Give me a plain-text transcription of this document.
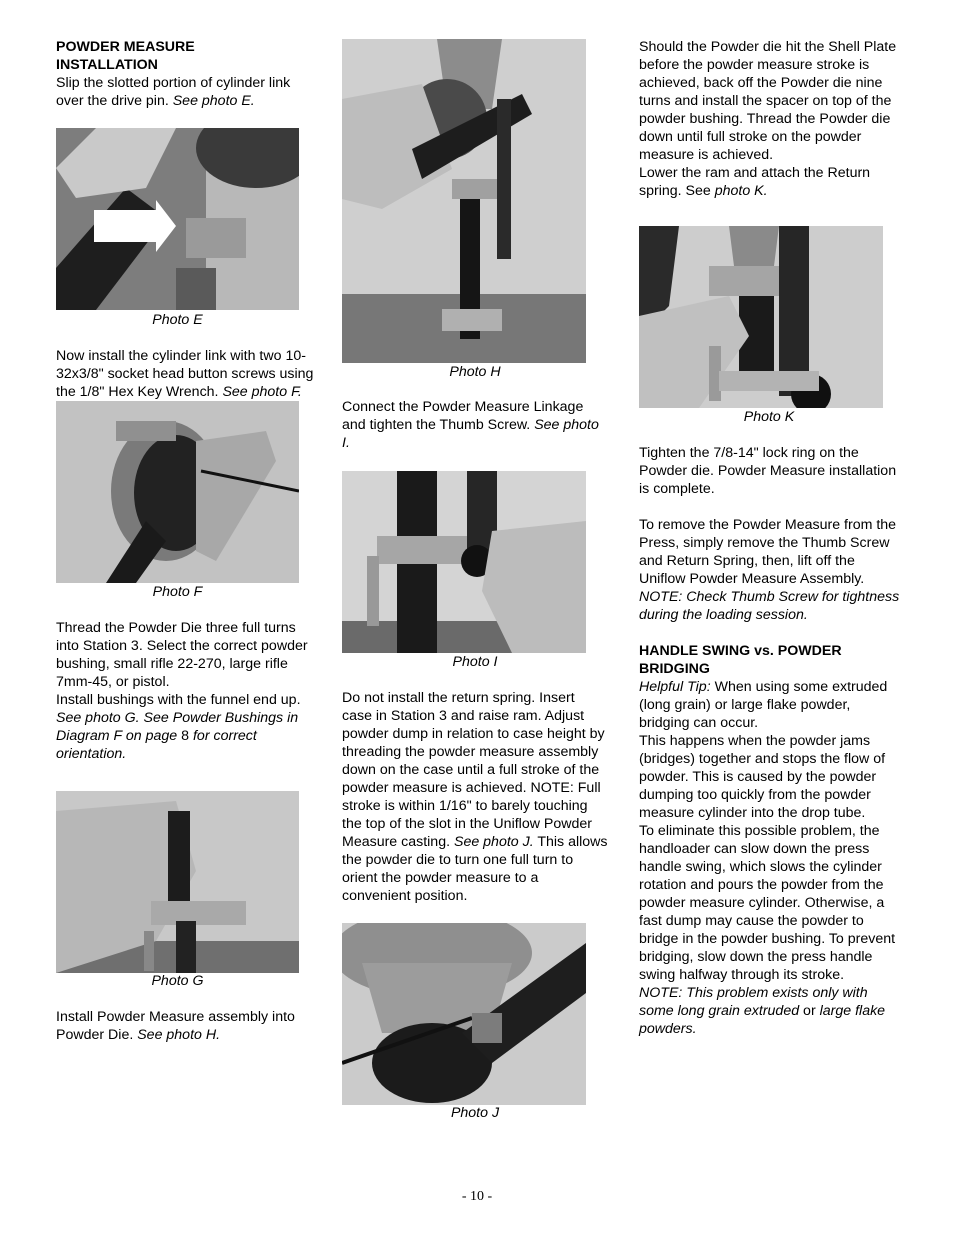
POWDER MEASURE
INSTALLATION

Slip the slotted portion of cylinder link over the drive pin. See photo E.

Photo E

Now install the cylinder link with two 10-32x3/8" socket head button screws using the 1/8" Hex Key Wrench. See photo F.

Photo F

Thread the Powder Die three full turns into Station 3. Select the correct powder bushing, small rifle 22-270, large rifle 7mm-45, or pistol.

Install bushings with the funnel end up. See photo G. See Powder Bushings in Diagram F on page 8 for correct orientation.

Photo G

Install Powder Measure assembly into Powder Die. See photo H.

Photo H

Connect the Powder Measure Linkage and tighten the Thumb Screw. See photo I.

Photo I

Do not install the return spring. Insert case in Station 3 and raise ram. Adjust powder dump in relation to case height by threading the powder measure assembly down on the case until a full stroke of the powder measure is achieved. NOTE: Full stroke is within 1/16" to barely touching the top of the slot in the Uniflow Powder Measure casting. See photo J. This allows the powder die to turn one full turn to orient the powder measure to a convenient position.

Photo J

Should the Powder die hit the Shell Plate before the powder measure stroke is achieved, back off the Powder die nine turns and install the spacer on top of the powder bushing. Thread the Powder die down until full stroke on the powder measure is achieved.

Lower the ram and attach the Return spring. See photo K.

Photo K

Tighten the 7/8-14" lock ring on the Powder die. Powder Measure installation is complete.

To remove the Powder Measure from the Press, simply remove the Thumb Screw and Return Spring, then, lift off the Uniflow Powder Measure Assembly. NOTE: Check Thumb Screw for tightness during the loading session.

HANDLE SWING vs. POWDER
BRIDGING

Helpful Tip: When using some extruded (long grain) or large flake powder, bridging can occur.

This happens when the powder jams (bridges) together and stops the flow of powder. This is caused by the powder dumping too quickly from the powder measure cylinder into the drop tube.

To eliminate this possible problem, the handloader can slow down the press handle swing, which slows the cylinder rotation and pours the powder from the powder measure cylinder. Otherwise, a fast dump may cause the powder to bridge in the powder bushing. To prevent bridging, slow down the press handle swing halfway through its stroke.

NOTE: This problem exists only with some long grain extruded or large flake powders.

- 10 -
